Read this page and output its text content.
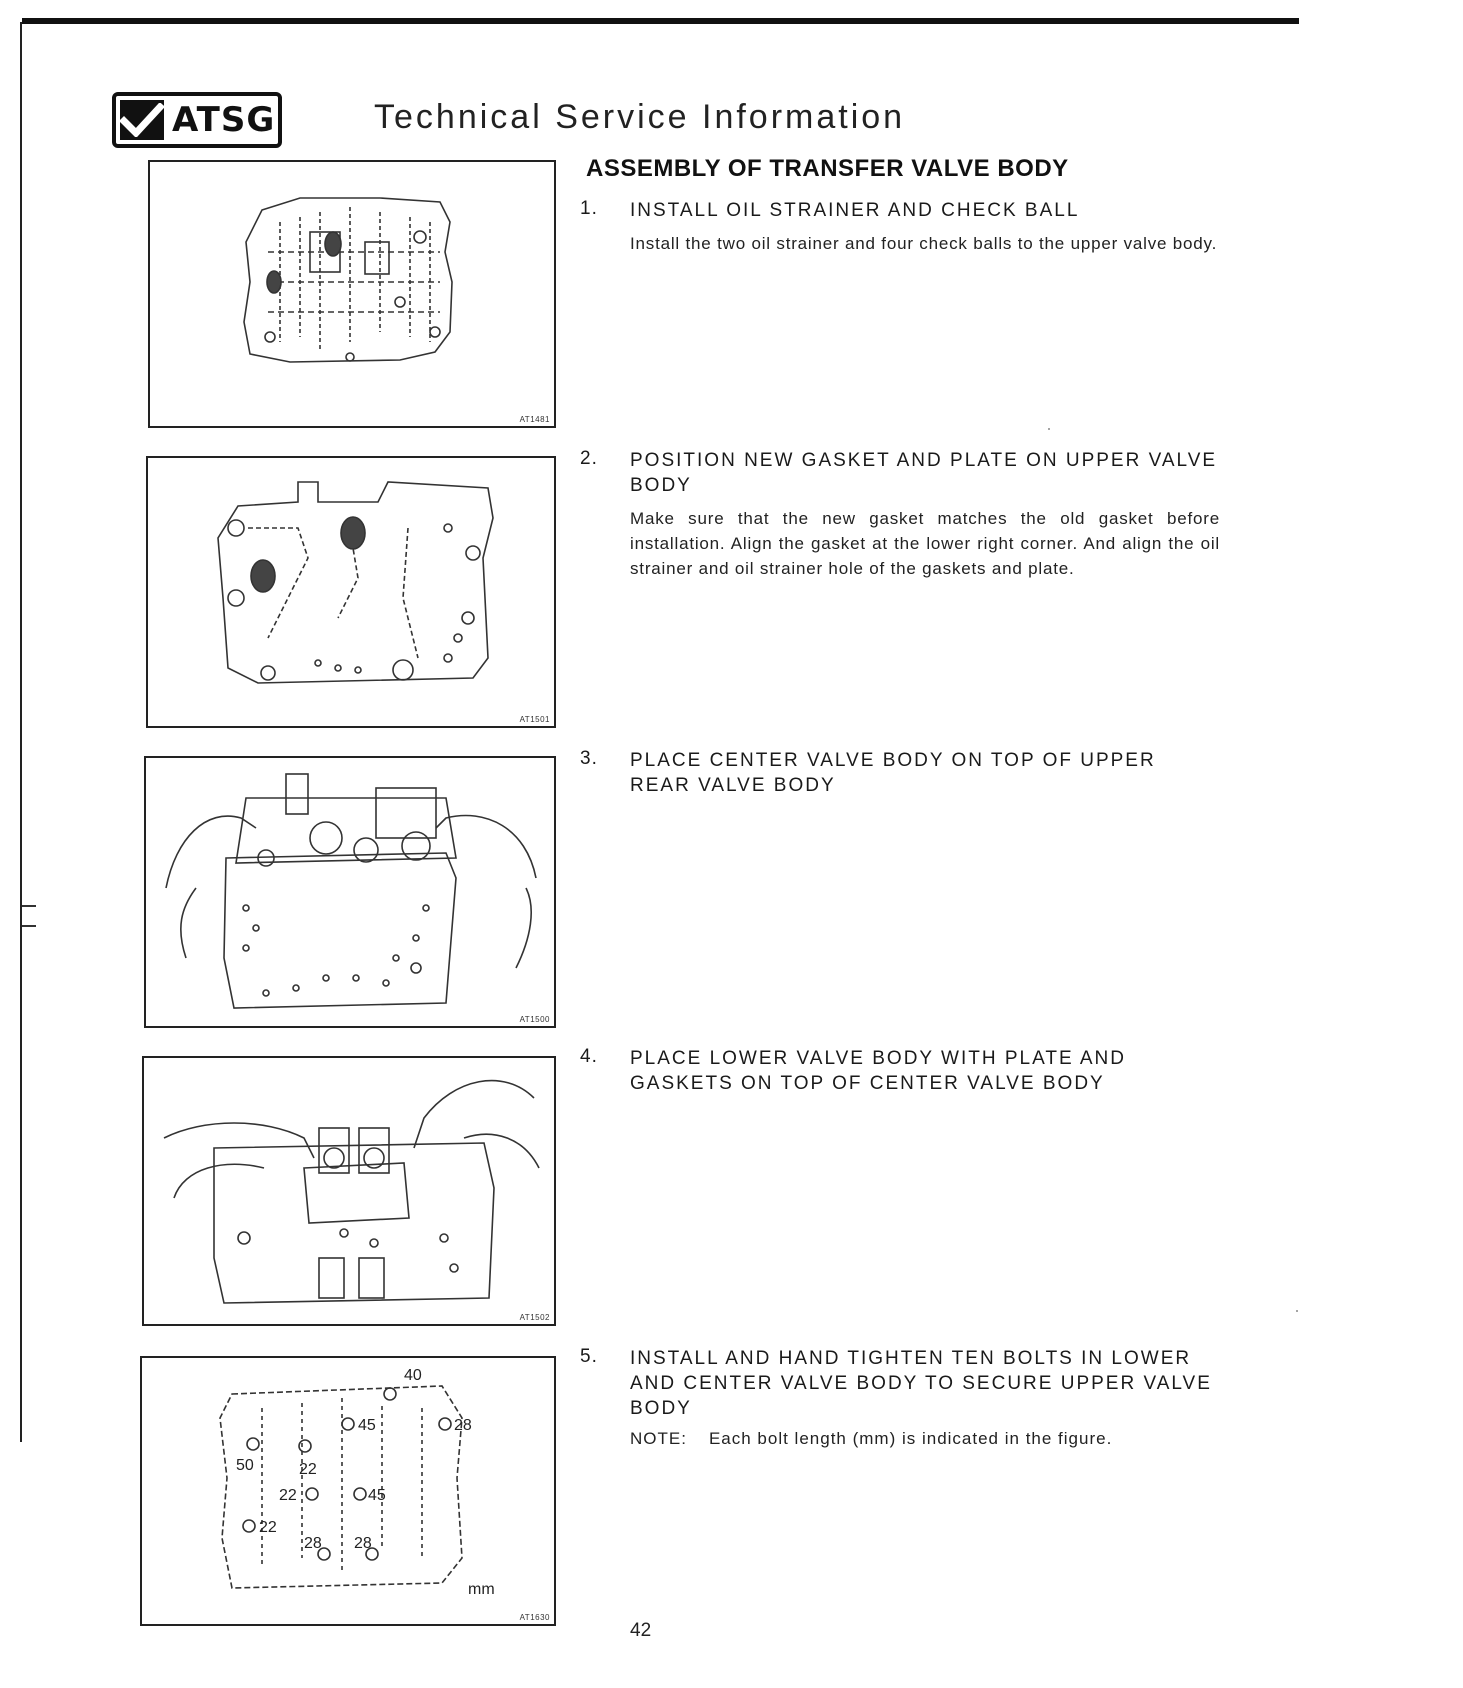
ATSG	Technical Service Information
ASSEMBLY OF TRANSFER VALVE BODY
AT1481
AT1501
AT1500
AT1502
40
45	28
50	22
22	45
22
28 28
mm
AT1630
1. INSTALL OIL STRAINER AND CHECK BALL
Install the two oil strainer and four check balls to the upper valve body.
2. POSITION NEW GASKET AND PLATE ON UPPER VALVE BODY
Make sure that the new gasket matches the old gasket before installation. Align the gasket at the lower right corner. And align the oil strainer and oil strainer hole of the gaskets and plate.
3. PLACE CENTER VALVE BODY ON TOP OF UPPER REAR VALVE BODY
4. PLACE LOWER VALVE BODY WITH PLATE AND GASKETS ON TOP OF CENTER VALVE BODY
5. INSTALL AND HAND TIGHTEN TEN BOLTS IN LOWER AND CENTER VALVE BODY TO SECURE UPPER VALVE BODY
NOTE: Each bolt length (mm) is indicated in the figure.
42
